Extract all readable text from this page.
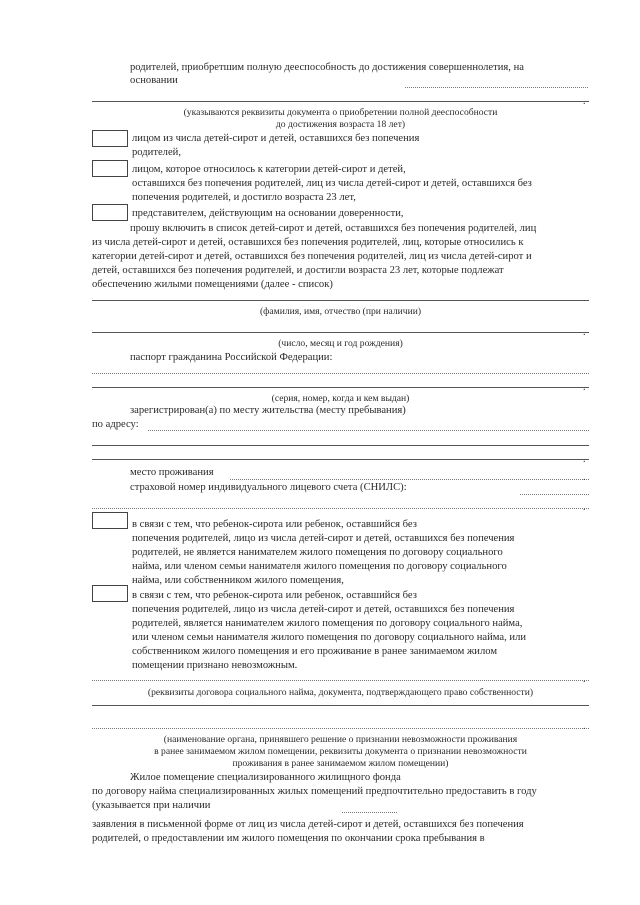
родителей, приобретшим полную дееспособность до достижения совершеннолетия, на
основании
.
(указываются реквизиты документа о приобретении полной дееспособности
до достижения возраста 18 лет)
лицом из числа детей-сирот и детей, оставшихся без попечения
родителей,
лицом, которое относилось к категории детей-сирот и детей,
оставшихся без попечения родителей, лиц из числа детей-сирот и детей, оставшихся без
попечения родителей, и достигло возраста 23 лет,
представителем, действующим на основании доверенности,
прошу включить в список детей-сирот и детей, оставшихся без попечения родителей, лиц
из числа детей-сирот и детей, оставшихся без попечения родителей, лиц, которые относились к
категории детей-сирот и детей, оставшихся без попечения родителей, лиц из числа детей-сирот и
детей, оставшихся без попечения родителей, и достигли возраста 23 лет, которые подлежат
обеспечению жилыми помещениями (далее - список)
(фамилия, имя, отчество (при наличии)
.
(число, месяц и год рождения)
паспорт гражданина Российской Федерации:
.
(серия, номер, когда и кем выдан)
зарегистрирован(а) по месту жительства (месту пребывания)
по адресу:
.
место проживания	.
страховой номер индивидуального лицевого счета (СНИЛС):
.
в связи с тем, что ребенок-сирота или ребенок, оставшийся без
попечения родителей, лицо из числа детей-сирот и детей, оставшихся без попечения
родителей, не является нанимателем жилого помещения по договору социального
найма, или членом семьи нанимателя жилого помещения по договору социального
найма, или собственником жилого помещения,
в связи с тем, что ребенок-сирота или ребенок, оставшийся без
попечения родителей, лицо из числа детей-сирот и детей, оставшихся без попечения
родителей, является нанимателем жилого помещения по договору социального найма,
или членом семьи нанимателя жилого помещения по договору социального найма, или
собственником жилого помещения и его проживание в ранее занимаемом жилом
помещении признано невозможным.
.
(реквизиты договора социального найма, документа, подтверждающего право собственности)
.
(наименование органа, принявшего решение о признании невозможности проживания
в ранее занимаемом жилом помещении, реквизиты документа о признании невозможности
проживания в ранее занимаемом жилом помещении)
Жилое помещение специализированного жилищного фонда
по договору найма специализированных жилых помещений предпочтительно предоставить в году
(указывается при наличии
заявления в письменной форме от лиц из числа детей-сирот и детей, оставшихся без попечения
родителей, о предоставлении им жилого помещения по окончании срока пребывания в
